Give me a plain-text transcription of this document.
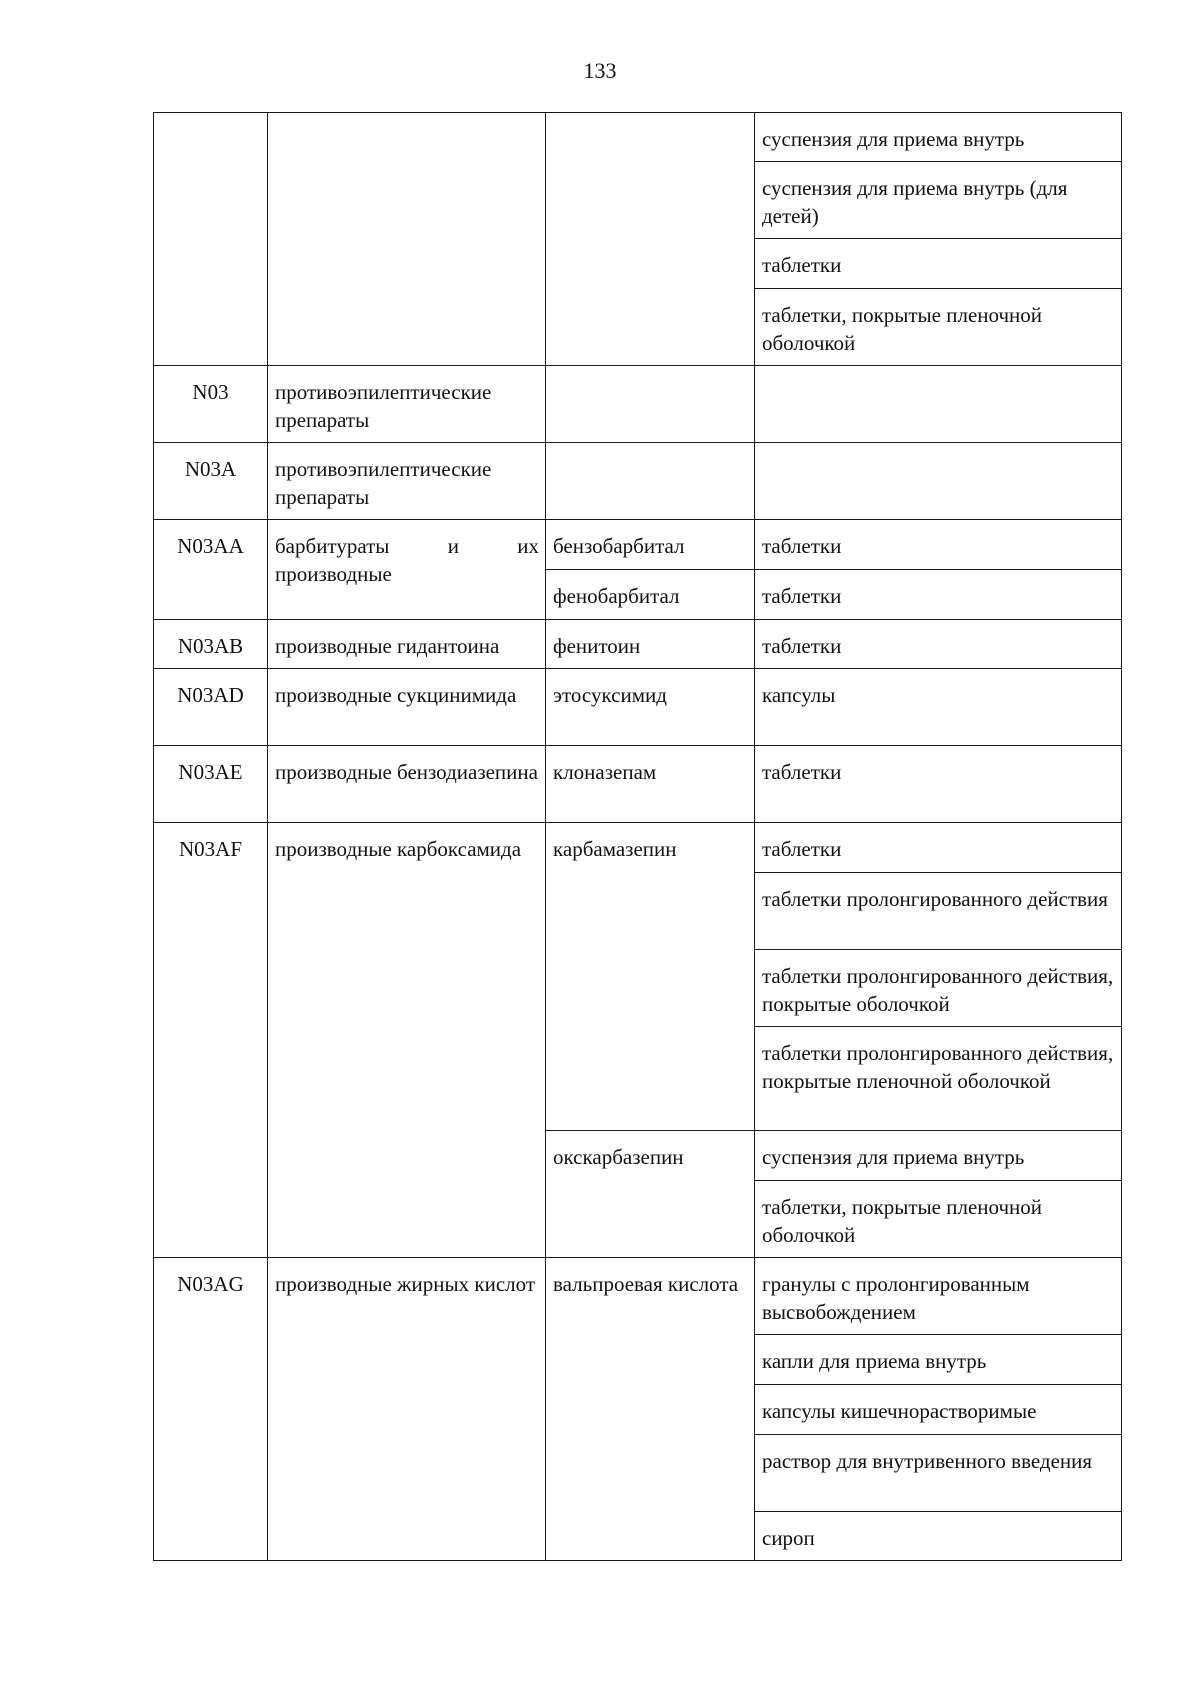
133
			суспензия для приема внутрь
			суспензия для приема внутрь (для детей)
			таблетки
			таблетки, покрытые пленочной оболочкой
N03	противоэпилептические препараты		
N03A	противоэпилептические препараты		
N03AA	барбитураты и их производные	бензобарбитал	таблетки
		фенобарбитал	таблетки
N03AB	производные гидантоина	фенитоин	таблетки
N03AD	производные сукцинимида	этосуксимид	капсулы
N03AE	производные бензодиазепина	клоназепам	таблетки
N03AF	производные карбоксамида	карбамазепин	таблетки
			таблетки пролонгированного действия
			таблетки пролонгированного действия, покрытые оболочкой
			таблетки пролонгированного действия, покрытые пленочной оболочкой
		окскарбазепин	суспензия для приема внутрь
			таблетки, покрытые пленочной оболочкой
N03AG	производные жирных кислот	вальпроевая кислота	гранулы с пролонгированным высвобождением
			капли для приема внутрь
			капсулы кишечнорастворимые
			раствор для внутривенного введения
			сироп
